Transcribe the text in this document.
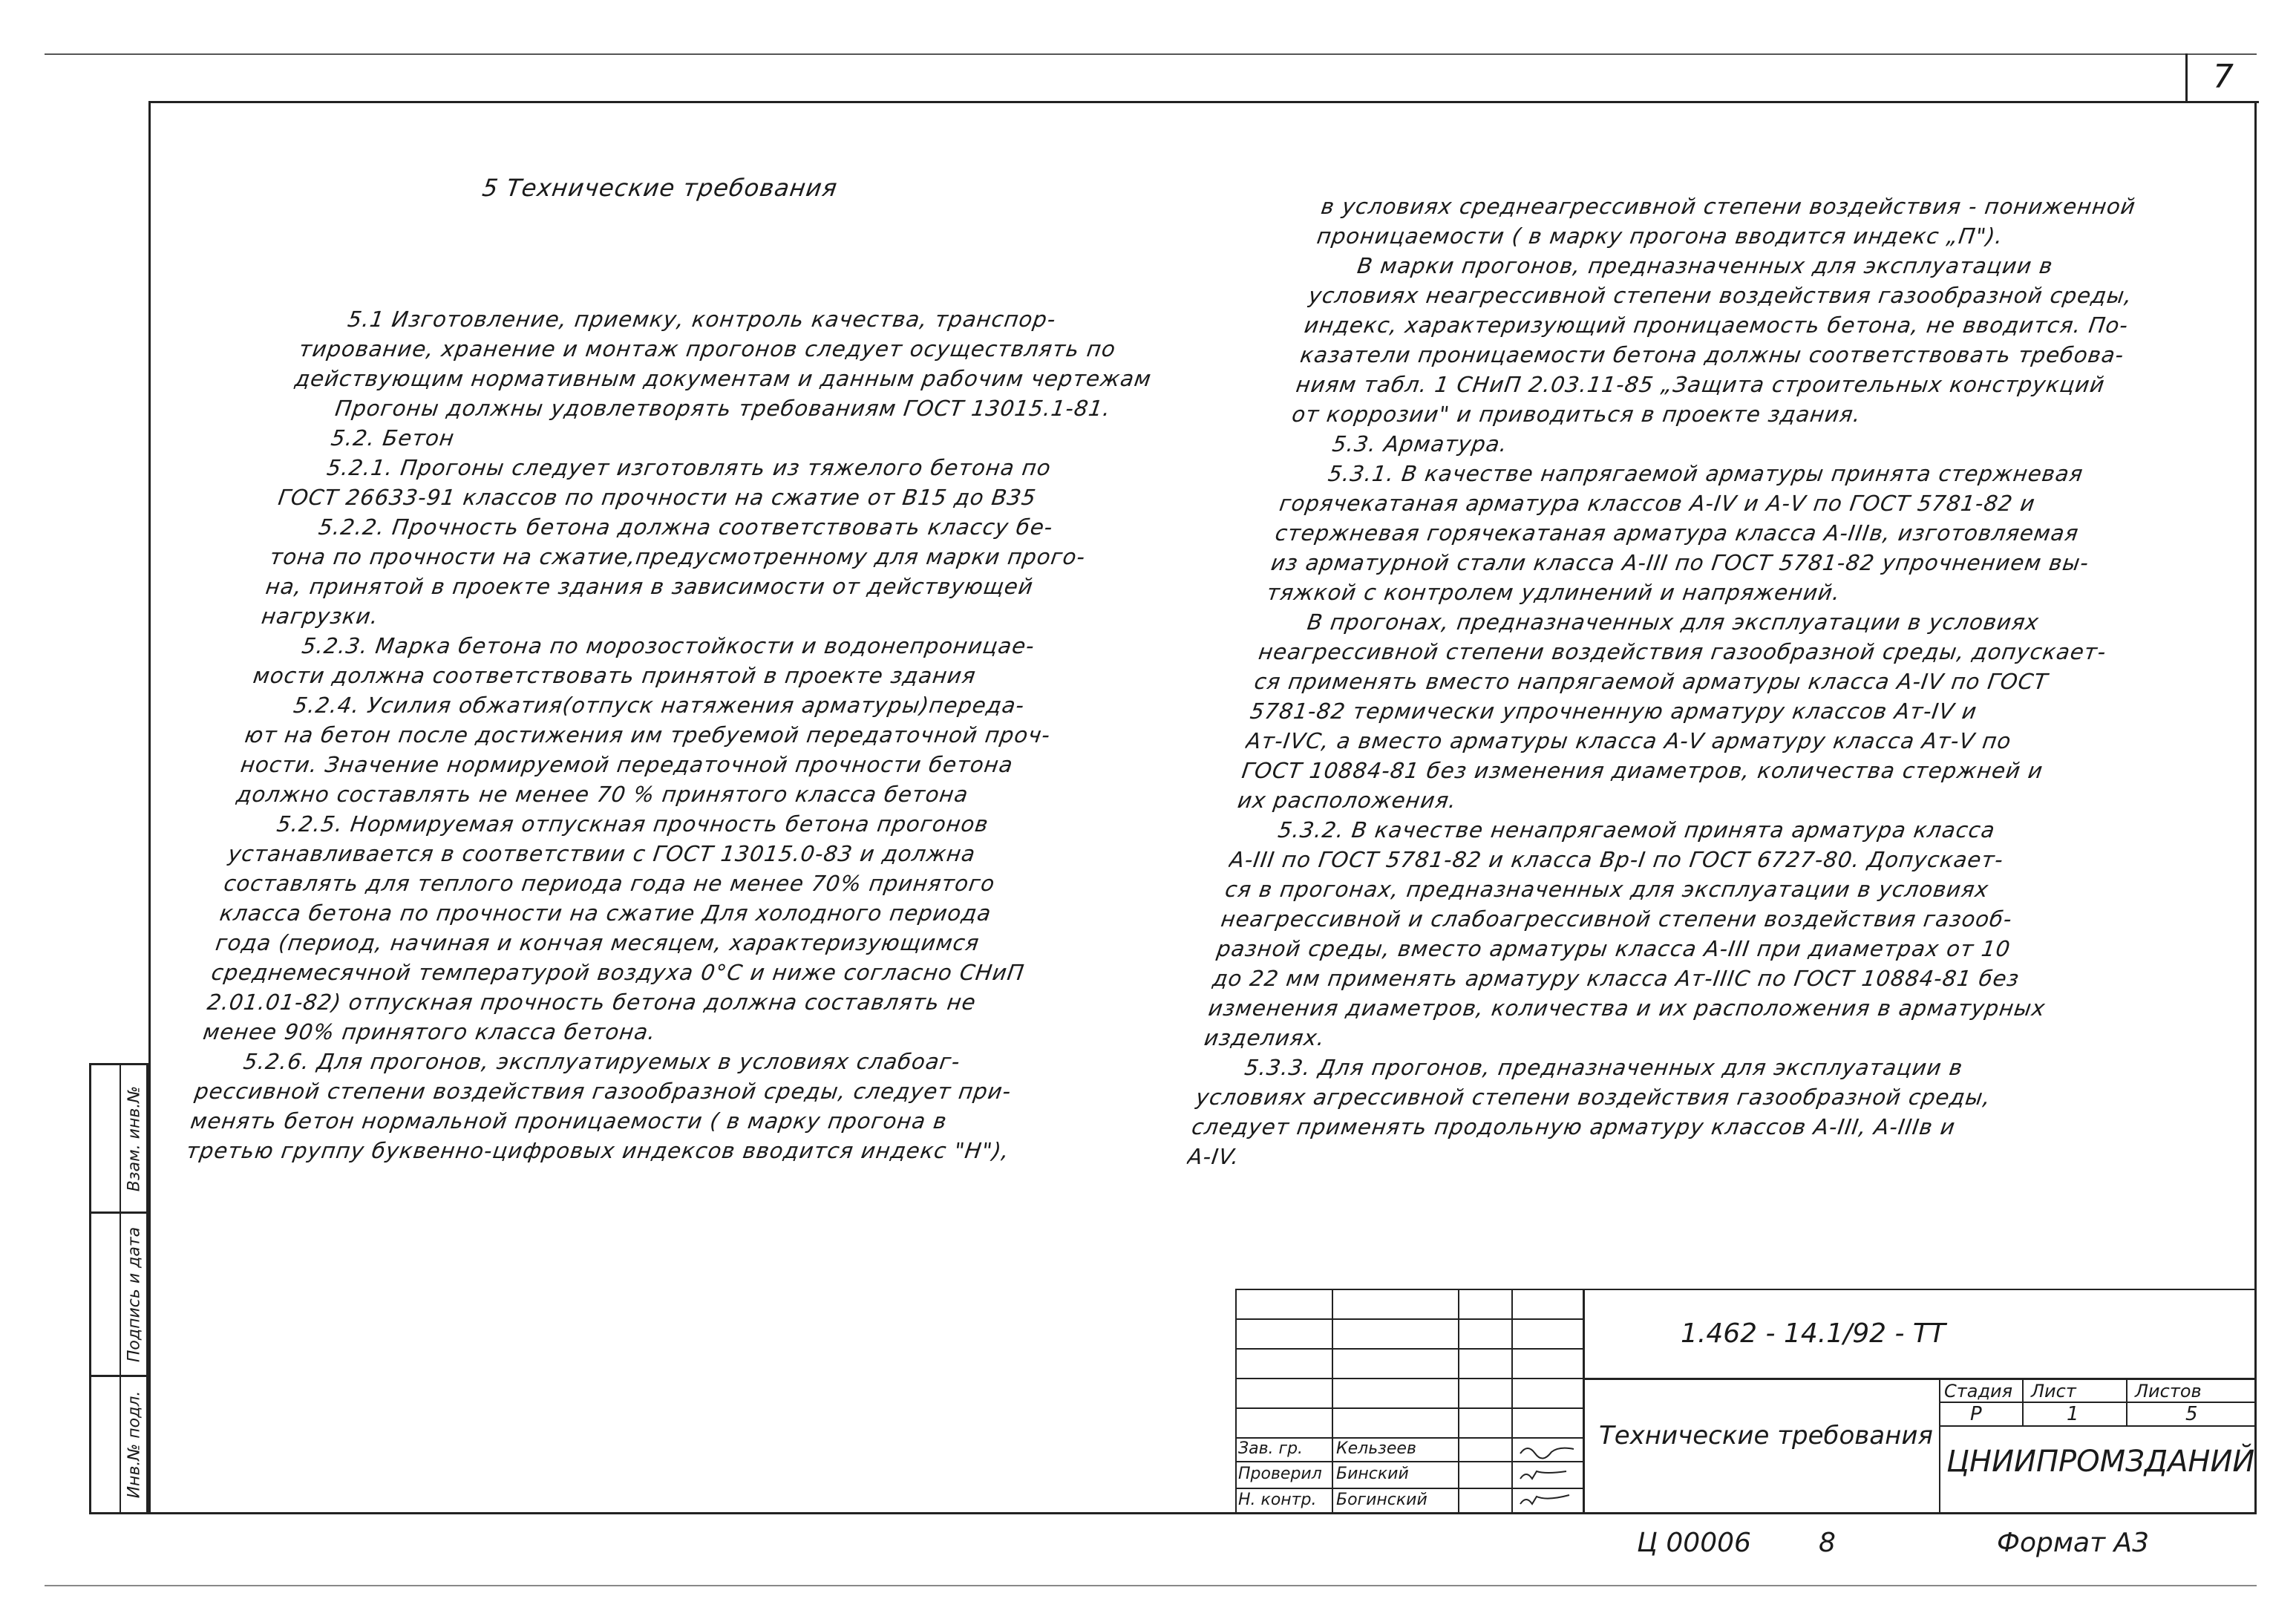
7
5 Технические требования
5.1 Изготовление, приемку, контроль качества, транспор-
тирование, хранение и монтаж прогонов следует осуществлять по
действующим нормативным документам и данным рабочим чертежам
Прогоны должны удовлетворять требованиям ГОСТ 13015.1-81.
5.2. Бетон
5.2.1. Прогоны следует изготовлять из тяжелого бетона по
ГОСТ 26633-91 классов по прочности на сжатие от В15 до В35
5.2.2. Прочность бетона должна соответствовать классу бе-
тона по прочности на сжатие,предусмотренному для марки прого-
на, принятой в проекте здания в зависимости от действующей
нагрузки.
5.2.3. Марка бетона по морозостойкости и водонепроницае-
мости должна соответствовать принятой в проекте здания
5.2.4. Усилия обжатия(отпуск натяжения арматуры)переда-
ют на бетон после достижения им требуемой передаточной проч-
ности. Значение нормируемой передаточной прочности бетона
должно составлять не менее 70 % принятого класса бетона
5.2.5. Нормируемая отпускная прочность бетона прогонов
устанавливается в соответствии с ГОСТ 13015.0-83 и должна
составлять для теплого периода года не менее 70% принятого
класса бетона по прочности на сжатие Для холодного периода
года (период, начиная и кончая месяцем, характеризующимся
среднемесячной температурой воздуха 0°С и ниже согласно СНиП
2.01.01-82) отпускная прочность бетона должна составлять не
менее 90% принятого класса бетона.
5.2.6. Для прогонов, эксплуатируемых в условиях слабоаг-
рессивной степени воздействия газообразной среды, следует при-
менять бетон нормальной проницаемости ( в марку прогона в
третью группу буквенно-цифровых индексов вводится индекс "Н"),
в условиях среднеагрессивной степени воздействия - пониженной
проницаемости ( в марку прогона вводится индекс „П").
В марки прогонов, предназначенных для эксплуатации в
условиях неагрессивной степени воздействия газообразной среды,
индекс, характеризующий проницаемость бетона, не вводится. По-
казатели проницаемости бетона должны соответствовать требова-
ниям табл. 1 СНиП 2.03.11-85 „Защита строительных конструкций
от коррозии" и приводиться в проекте здания.
5.3. Арматура.
5.3.1. В качестве напрягаемой арматуры принята стержневая
горячекатаная арматура классов А-IV и А-V по ГОСТ 5781-82 и
стержневая горячекатаная арматура класса А-IIIв, изготовляемая
из арматурной стали класса А-III по ГОСТ 5781-82 упрочнением вы-
тяжкой с контролем удлинений и напряжений.
В прогонах, предназначенных для эксплуатации в условиях
неагрессивной степени воздействия газообразной среды, допускает-
ся применять вместо напрягаемой арматуры класса А-IV по ГОСТ
5781-82 термически упрочненную арматуру классов Ат-IV и
Ат-IVС, а вместо арматуры класса А-V арматуру класса Ат-V по
ГОСТ 10884-81 без изменения диаметров, количества стержней и
их расположения.
5.3.2. В качестве ненапрягаемой принята арматура класса
А-III по ГОСТ 5781-82 и класса Вр-I по ГОСТ 6727-80. Допускает-
ся в прогонах, предназначенных для эксплуатации в условиях
неагрессивной и слабоагрессивной степени воздействия газооб-
разной среды, вместо арматуры класса А-III при диаметрах от 10
до 22 мм применять арматуру класса Ат-IIIС по ГОСТ 10884-81 без
изменения диаметров, количества и их расположения в арматурных
изделиях.
5.3.3. Для прогонов, предназначенных для эксплуатации в
условиях агрессивной степени воздействия газообразной среды,
следует применять продольную арматуру классов А-III, А-IIIв и
А-IV.
Взам. инв.№
Подпись и дата
Инв.№ подл.
1.462 - 14.1/92 - ТТ
Технические требования
Стадия Лист	Листов
Р	1	5
ЦНИИПРОМЗДАНИЙ
Зав. гр. Кельзеев
Проверил Бинский
Н. контр. Богинский
Ц 00006	8	Формат А3
